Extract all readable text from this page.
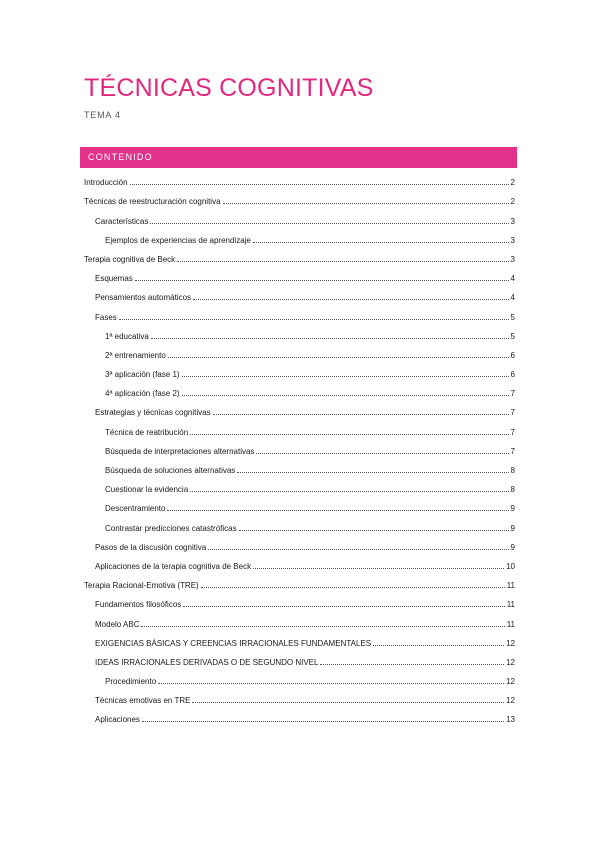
TÉCNICAS COGNITIVAS
TEMA 4
CONTENIDO
Introducción	2
Técnicas de reestructuración cognitiva	2
Características	3
Ejemplos de experiencias de aprendizaje	3
Terapia cognitiva de Beck	3
Esquemas	4
Pensamientos automáticos	4
Fases	5
1ª educativa	5
2ª entrenamiento	6
3ª aplicación (fase 1)	6
4ª aplicación (fase 2)	7
Estrategias y técnicas cognitivas	7
Técnica de reatribución	7
Búsqueda de interpretaciones alternativas	7
Búsqueda de soluciones alternativas	8
Cuestionar la evidencia	8
Descentramiento	9
Contrastar predicciones catastróficas	9
Pasos de la discusión cognitiva	9
Aplicaciones de la terapia cognitiva de Beck	10
Terapia Racional-Emotiva (TRE)	11
Fundamentos filosóficos	11
Modelo ABC	11
EXIGENCIAS BÁSICAS Y CREENCIAS IRRACIONALES FUNDAMENTALES	12
IDEAS IRRACIONALES DERIVADAS O DE SEGUNDO NIVEL	12
Procedimiento	12
Técnicas emotivas en TRE	12
Aplicaciones	13
